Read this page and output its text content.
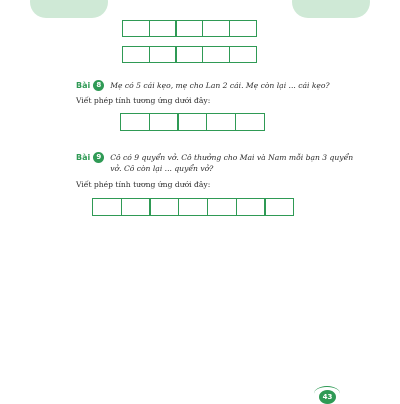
Bài 8	Mẹ có 5 cái kẹo, mẹ cho Lan 2 cái. Mẹ còn lại ... cái kẹo?
Viết phép tính tương ứng dưới đây:
Bài 9	Cô có 9 quyển vở. Cô thưởng cho Mai và Nam mỗi bạn 3 quyển
vở. Cô còn lại ... quyển vở?
Viết phép tính tương ứng dưới đây:
43
